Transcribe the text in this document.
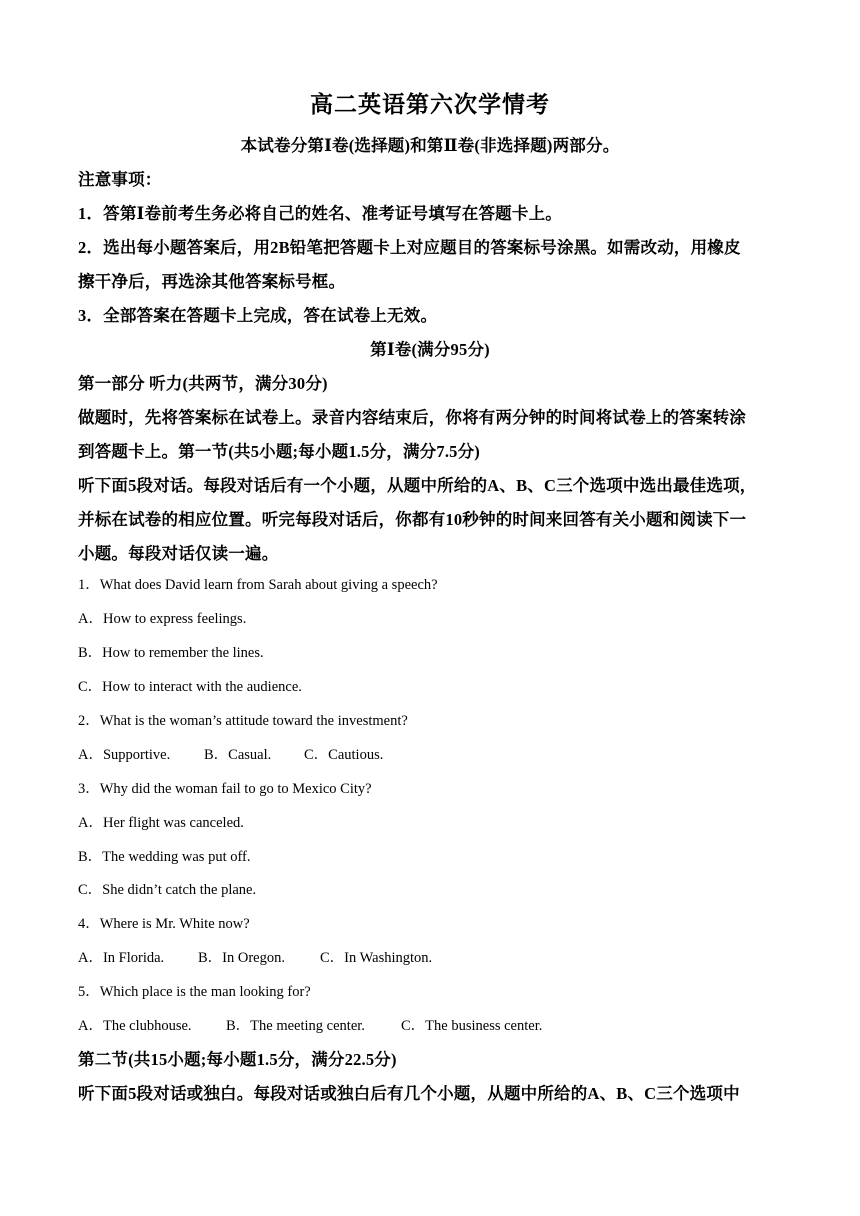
高二英语第六次学情考
本试卷分第Ⅰ卷(选择题)和第Ⅱ卷(非选择题)两部分。
注意事项：
1．答第Ⅰ卷前考生务必将自己的姓名、准考证号填写在答题卡上。
2．选出每小题答案后，用2B铅笔把答题卡上对应题目的答案标号涂黑。如需改动，用橡皮
擦干净后，再选涂其他答案标号框。
3．全部答案在答题卡上完成，答在试卷上无效。
第Ⅰ卷(满分95分)
第一部分 听力(共两节，满分30分)
做题时，先将答案标在试卷上。录音内容结束后，你将有两分钟的时间将试卷上的答案转涂
到答题卡上。第一节(共5小题;每小题1.5分，满分7.5分)
听下面5段对话。每段对话后有一个小题，从题中所给的A、B、C三个选项中选出最佳选项，
并标在试卷的相应位置。听完每段对话后，你都有10秒钟的时间来回答有关小题和阅读下一
小题。每段对话仅读一遍。
1．What does David learn from Sarah about giving a speech?
A．How to express feelings.
B．How to remember the lines.
C．How to interact with the audience.
2．What is the woman’s attitude toward the investment?
A．Supportive. B．Casual. C．Cautious.
3．Why did the woman fail to go to Mexico City?
A．Her flight was canceled.
B．The wedding was put off.
C．She didn’t catch the plane.
4．Where is Mr. White now?
A．In Florida. B．In Oregon. C．In Washington.
5．Which place is the man looking for?
A．The clubhouse. B．The meeting center. C．The business center.
第二节(共15小题;每小题1.5分，满分22.5分)
听下面5段对话或独白。每段对话或独白后有几个小题，从题中所给的A、B、C三个选项中
